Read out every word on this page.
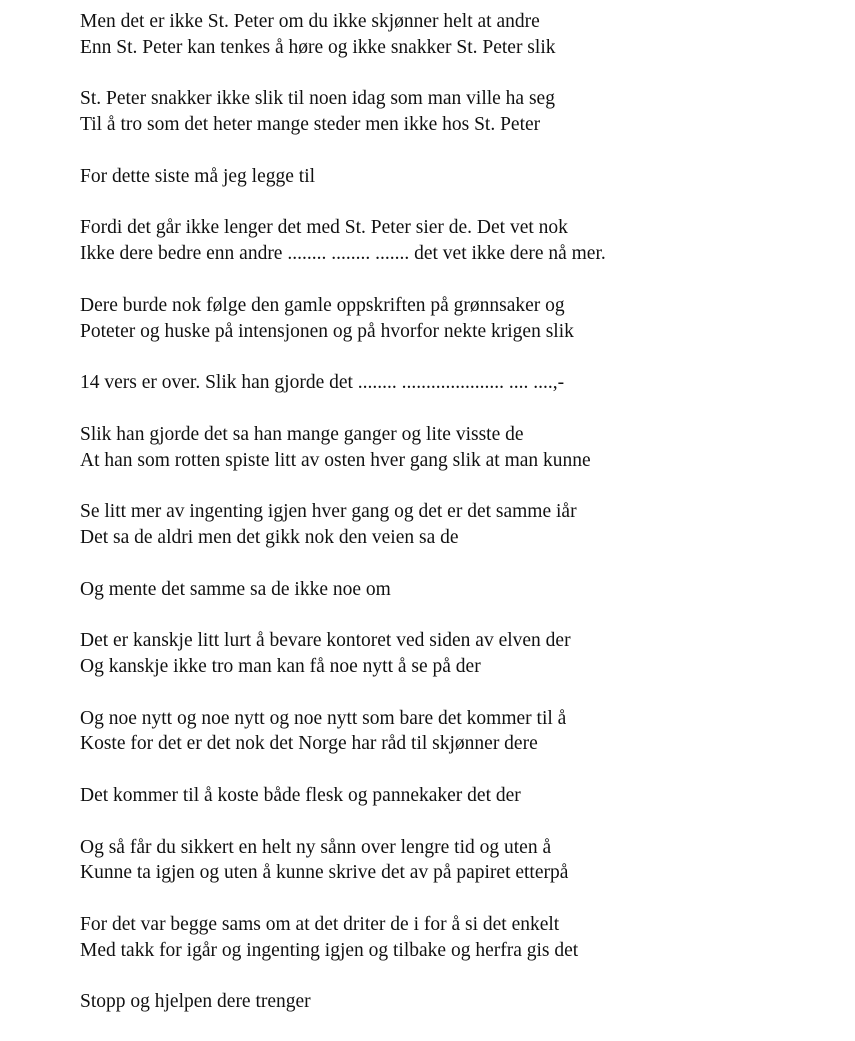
Men det er ikke St. Peter om du ikke skjønner helt at andre
Enn St. Peter kan tenkes å høre og ikke snakker St. Peter slik
St. Peter snakker ikke slik til noen idag som man ville ha seg
Til å tro som det heter mange steder men ikke hos St. Peter
For dette siste må jeg legge til
Fordi det går ikke lenger det med St. Peter sier de. Det vet nok
Ikke dere bedre enn andre ........ ........ ....... det vet ikke dere nå mer.
Dere burde nok følge den gamle oppskriften på grønnsaker og
Poteter og huske på intensjonen og på hvorfor nekte krigen slik
14 vers er over. Slik han gjorde det ........ ..................... .... ....,-
Slik han gjorde det sa han mange ganger og lite visste de
At han som rotten spiste litt av osten hver gang slik at man kunne
Se litt mer av ingenting igjen hver gang og det er det samme iår
Det sa de aldri men det gikk nok den veien sa de
Og mente det samme sa de ikke noe om
Det er kanskje litt lurt å bevare kontoret ved siden av elven der
Og kanskje ikke tro man kan få noe nytt å se på der
Og noe nytt og noe nytt og noe nytt som bare det kommer til å
Koste for det er det nok det Norge har råd til skjønner dere
Det kommer til å koste både flesk og pannekaker det der
Og så får du sikkert en helt ny sånn over lengre tid og uten å
Kunne ta igjen og uten å kunne skrive det av på papiret etterpå
For det var begge sams om at det driter de i for å si det enkelt
Med takk for igår og ingenting igjen og tilbake og herfra gis det
Stopp og hjelpen dere trenger
